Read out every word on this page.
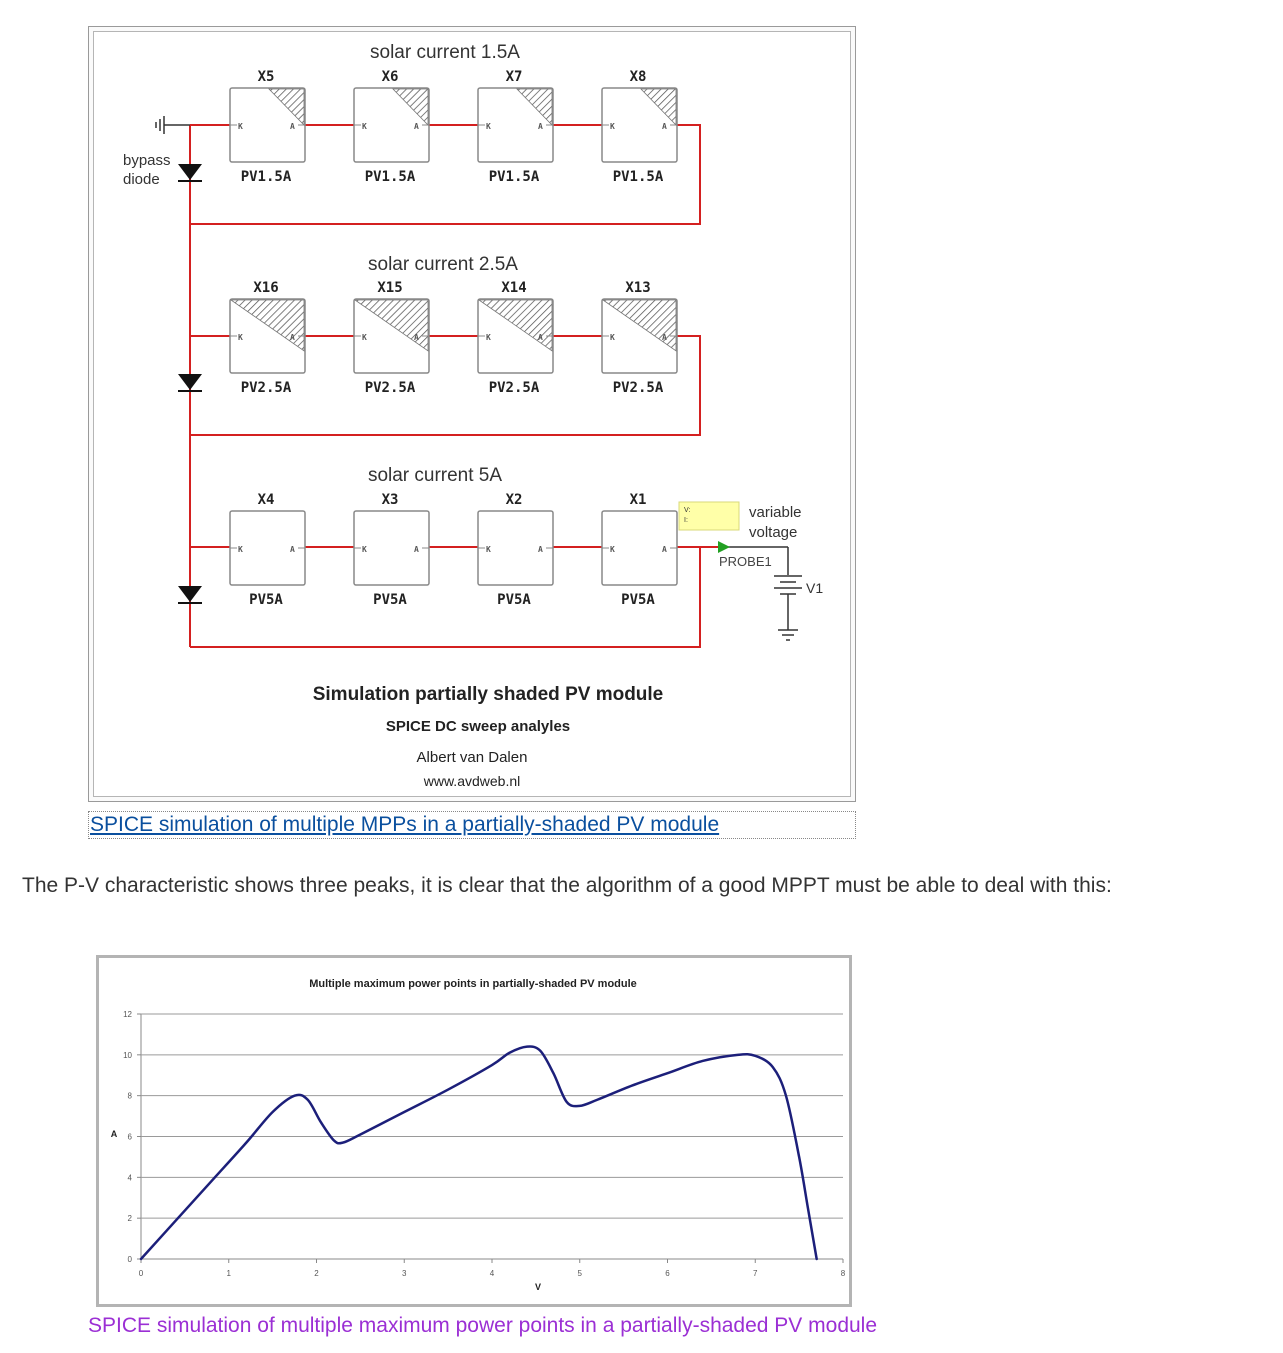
bypass
diode
K	A
X5
PV1.5A
K	A
X6
PV1.5A
K	A
X7
PV1.5A
K	A
X8
PV1.5A
K	A
X16
PV2.5A
K	A
X15
PV2.5A
K	A
X14
PV2.5A
K	A
X13
PV2.5A
K	A
X4
PV5A
K	A
X3
PV5A
K	A
X2
PV5A
K	A
X1
PV5A
solar current 1.5A
solar current 2.5A
solar current 5A
V:
I:
PROBE1
variable
voltage
V1
Simulation partially shaded PV module
SPICE DC sweep analyles
Albert van Dalen
www.avdweb.nl
SPICE simulation of multiple MPPs in a partially-shaded PV module
The P-V characteristic shows three peaks, it is clear that the algorithm of a good MPPT must be able to deal with this:
Multiple maximum power points in partially-shaded PV module
A
V
0
2
4
6
8
10
12
0	1	2	3	4	5	6	7	8
SPICE simulation of multiple maximum power points in a partially-shaded PV module
